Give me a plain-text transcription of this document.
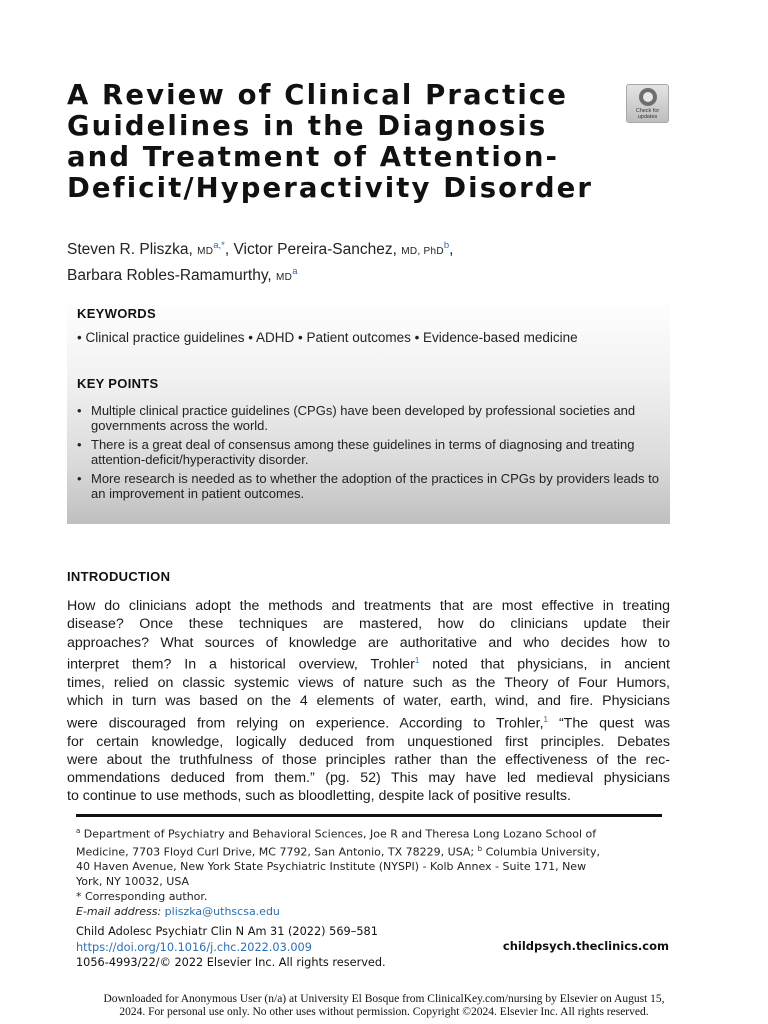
A Review of Clinical Practice
Guidelines in the Diagnosis
and Treatment of Attention-
Deficit/Hyperactivity Disorder
Check for
updates
Steven R. Pliszka, MD$^{a,*}$, Victor Pereira-Sanchez, MD, PhD$^b$,
Barbara Robles-Ramamurthy, MD$^a$
KEYWORDS
• Clinical practice guidelines • ADHD • Patient outcomes • Evidence-based medicine
KEY POINTS
• Multiple clinical practice guidelines (CPGs) have been developed by professional societies and governments across the world.
• There is a great deal of consensus among these guidelines in terms of diagnosing and treating attention-deficit/hyperactivity disorder.
• More research is needed as to whether the adoption of the practices in CPGs by providers leads to an improvement in patient outcomes.
INTRODUCTION
How do clinicians adopt the methods and treatments that are most effective in treating
disease? Once these techniques are mastered, how do clinicians update their
approaches? What sources of knowledge are authoritative and who decides how to
interpret them? In a historical overview, Trohler$^1$ noted that physicians, in ancient
times, relied on classic systemic views of nature such as the Theory of Four Humors,
which in turn was based on the 4 elements of water, earth, wind, and fire. Physicians
were discouraged from relying on experience. According to Trohler,$^1$ “The quest was
for certain knowledge, logically deduced from unquestioned first principles. Debates
were about the truthfulness of those principles rather than the effectiveness of the rec-
ommendations deduced from them.” (pg. 52) This may have led medieval physicians
to continue to use methods, such as bloodletting, despite lack of positive results.
$^a$ Department of Psychiatry and Behavioral Sciences, Joe R and Theresa Long Lozano School of
Medicine, 7703 Floyd Curl Drive, MC 7792, San Antonio, TX 78229, USA; $^b$ Columbia University,
40 Haven Avenue, New York State Psychiatric Institute (NYSPI) - Kolb Annex - Suite 171, New
York, NY 10032, USA
* Corresponding author.
E-mail address: pliszka@uthscsa.edu
Child Adolesc Psychiatr Clin N Am 31 (2022) 569–581
https://doi.org/10.1016/j.chc.2022.03.009
1056-4993/22/© 2022 Elsevier Inc. All rights reserved.
childpsych.theclinics.com
Downloaded for Anonymous User (n/a) at University El Bosque from ClinicalKey.com/nursing by Elsevier on August 15,
2024. For personal use only. No other uses without permission. Copyright ©2024. Elsevier Inc. All rights reserved.
